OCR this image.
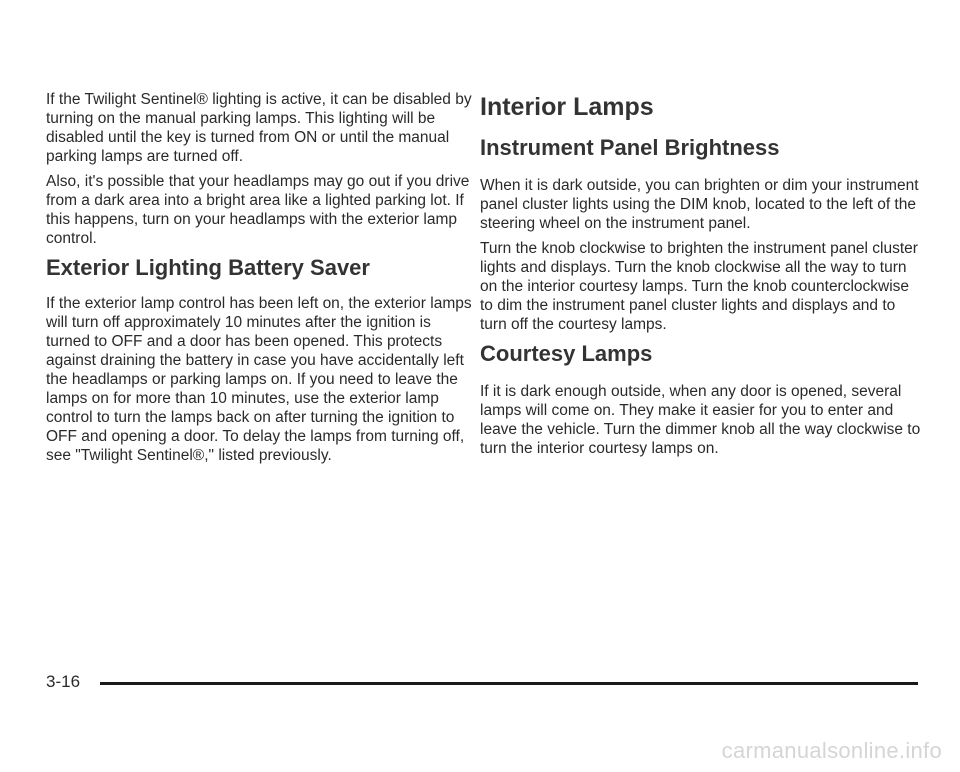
If the Twilight Sentinel® lighting is active, it can be disabled by turning on the manual parking lamps. This lighting will be disabled until the key is turned from ON or until the manual parking lamps are turned off.

Also, it's possible that your headlamps may go out if you drive from a dark area into a bright area like a lighted parking lot. If this happens, turn on your headlamps with the exterior lamp control.

Exterior Lighting Battery Saver

If the exterior lamp control has been left on, the exterior lamps will turn off approximately 10 minutes after the ignition is turned to OFF and a door has been opened. This protects against draining the battery in case you have accidentally left the headlamps or parking lamps on. If you need to leave the lamps on for more than 10 minutes, use the exterior lamp control to turn the lamps back on after turning the ignition to OFF and opening a door. To delay the lamps from turning off, see "Twilight Sentinel®," listed previously.

Interior Lamps
Instrument Panel Brightness

When it is dark outside, you can brighten or dim your instrument panel cluster lights using the DIM knob, located to the left of the steering wheel on the instrument panel.

Turn the knob clockwise to brighten the instrument panel cluster lights and displays. Turn the knob clockwise all the way to turn on the interior courtesy lamps. Turn the knob counterclockwise to dim the instrument panel cluster lights and displays and to turn off the courtesy lamps.

Courtesy Lamps

If it is dark enough outside, when any door is opened, several lamps will come on. They make it easier for you to enter and leave the vehicle. Turn the dimmer knob all the way clockwise to turn the interior courtesy lamps on.

3-16
carmanualsonline.info
